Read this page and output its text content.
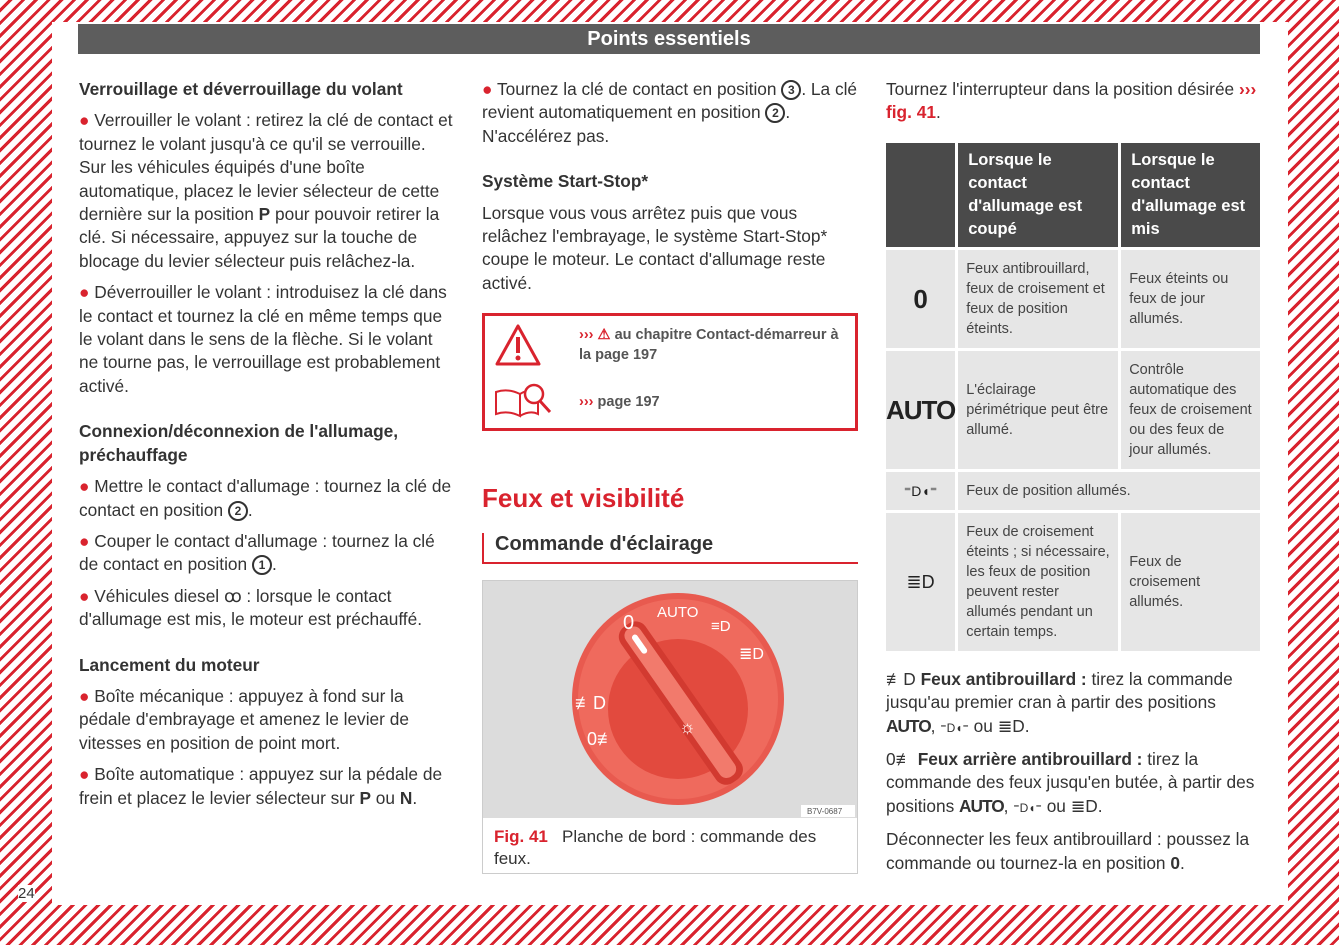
Points essentiels
24
Verrouillage et déverrouillage du volant

● Verrouiller le volant : retirez la clé de contact et tournez le volant jusqu'à ce qu'il se verrouille. Sur les véhicules équipés d'une boîte automatique, placez le levier sélecteur de cette dernière sur la position P pour pouvoir retirer la clé. Si nécessaire, appuyez sur la touche de blocage du levier sélecteur puis relâchez-la.

● Déverrouiller le volant : introduisez la clé dans le contact et tournez la clé en même temps que le volant dans le sens de la flèche. Si le volant ne tourne pas, le verrouillage est probablement activé.

Connexion/déconnexion de l'allumage, préchauffage

● Mettre le contact d'allumage : tournez la clé de contact en position 2 .

● Couper le contact d'allumage : tournez la clé de contact en position 1 .

● Véhicules diesel ꝏ : lorsque le contact d'allumage est mis, le moteur est préchauffé.

Lancement du moteur

● Boîte mécanique : appuyez à fond sur la pédale d'embrayage et amenez le levier de vitesses en position de point mort.

● Boîte automatique : appuyez sur la pédale de frein et placez le levier sélecteur sur P ou N.

● Tournez la clé de contact en position 3 . La clé revient automatiquement en position 2 . N'accélérez pas.

Système Start-Stop*

Lorsque vous vous arrêtez puis que vous relâchez l'embrayage, le système Start-Stop* coupe le moteur. Le contact d'allumage reste activé.

››› ⚠ au chapitre Contact-démarreur à la page 197
››› page 197
Feux et visibilité
Commande d'éclairage
0 AUTO
≡D
≣D
≢D
0≢
☼
B7V-0687
Fig. 41 Planche de bord : commande des feux.

Tournez l'interrupteur dans la position désirée ››› fig. 41.

	Lorsque le contact d'allumage est coupé	Lorsque le contact d'allumage est mis
0	Feux antibrouillard, feux de croisement et feux de position éteints.	Feux éteints ou feux de jour allumés.
AUTO	L'éclairage périmétrique peut être allumé.	Contrôle automatique des feux de croisement ou des feux de jour allumés.
⁼D◖⁼	Feux de position allumés.	
≣D	Feux de croisement éteints ; si nécessaire, les feux de position peuvent rester allumés pendant un certain temps.	Feux de croisement allumés.

≢D Feux antibrouillard : tirez la commande jusqu'au premier cran à partir des positions AUTO, ⁼D◖⁼ ou ≣D.

0≢ Feux arrière antibrouillard : tirez la commande des feux jusqu'en butée, à partir des positions AUTO, ⁼D◖⁼ ou ≣D.

Déconnecter les feux antibrouillard : poussez la commande ou tournez-la en position 0.
